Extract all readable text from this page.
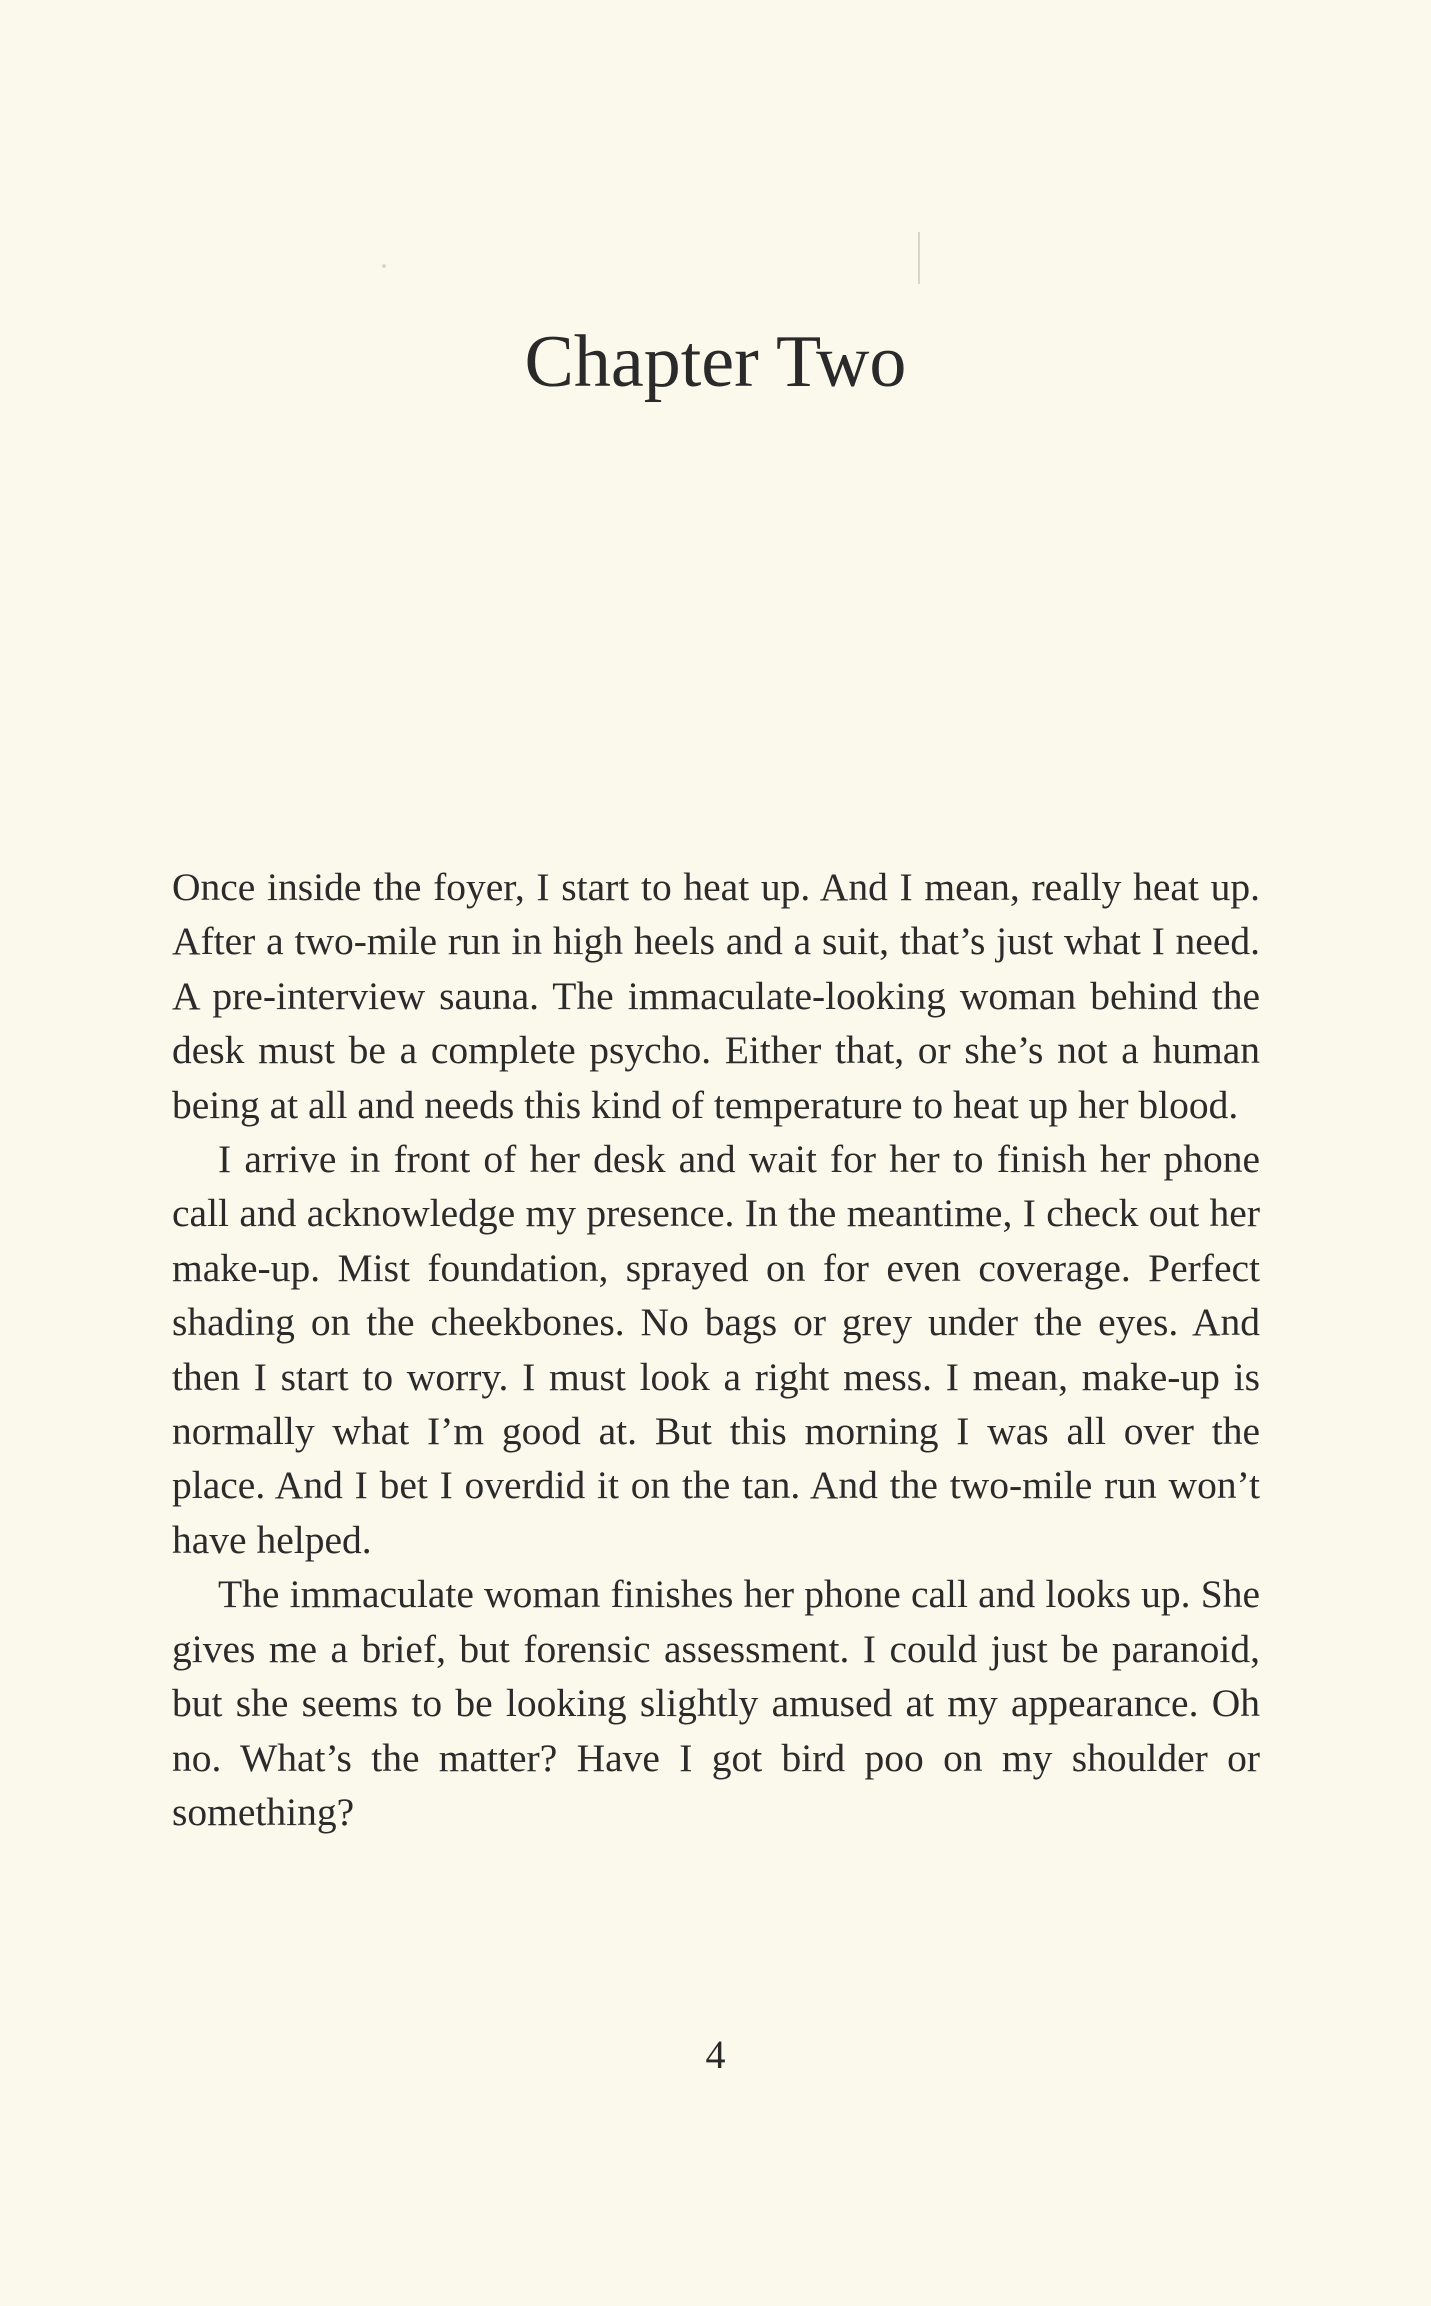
Chapter Two

Once inside the foyer, I start to heat up. And I mean, really heat up. After a two-mile run in high heels and a suit, that’s just what I need. A pre-interview sauna. The immaculate-looking woman behind the desk must be a complete psycho. Either that, or she’s not a human being at all and needs this kind of temperature to heat up her blood.

I arrive in front of her desk and wait for her to finish her phone call and acknowledge my presence. In the meantime, I check out her make-up. Mist foundation, sprayed on for even coverage. Perfect shading on the cheekbones. No bags or grey under the eyes. And then I start to worry. I must look a right mess. I mean, make-up is normally what I’m good at. But this morning I was all over the place. And I bet I overdid it on the tan. And the two-mile run won’t have helped.

The immaculate woman finishes her phone call and looks up. She gives me a brief, but forensic assessment. I could just be paranoid, but she seems to be looking slightly amused at my appearance. Oh no. What’s the matter? Have I got bird poo on my shoulder or something?

4
